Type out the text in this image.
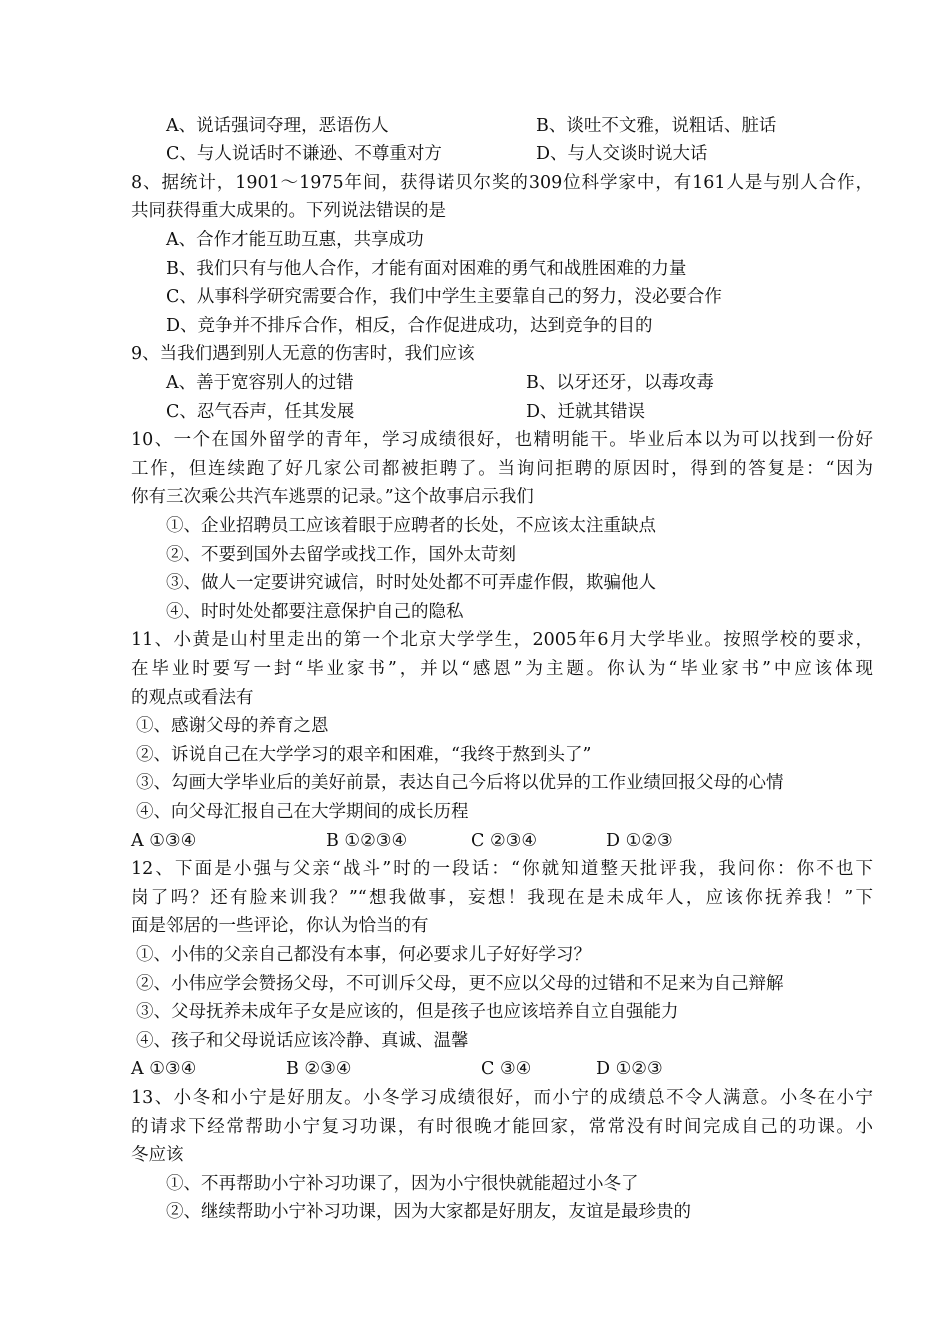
A、说话强词夺理，恶语伤人	B、谈吐不文雅，说粗话、脏话
C、与人说话时不谦逊、不尊重对方	D、与人交谈时说大话
8、据统计，1901～1975年间，获得诺贝尔奖的309位科学家中，有161人是与别人合作，
共同获得重大成果的。下列说法错误的是
A、合作才能互助互惠，共享成功
B、我们只有与他人合作，才能有面对困难的勇气和战胜困难的力量
C、从事科学研究需要合作，我们中学生主要靠自己的努力，没必要合作
D、竞争并不排斥合作，相反，合作促进成功，达到竞争的目的
9、当我们遇到别人无意的伤害时，我们应该
A、善于宽容别人的过错	B、以牙还牙，以毒攻毒
C、忍气吞声，任其发展	D、迁就其错误
10、一个在国外留学的青年，学习成绩很好，也精明能干。毕业后本以为可以找到一份好
工作，但连续跑了好几家公司都被拒聘了。当询问拒聘的原因时，得到的答复是：“因为
你有三次乘公共汽车逃票的记录。”这个故事启示我们
①、企业招聘员工应该着眼于应聘者的长处，不应该太注重缺点
②、不要到国外去留学或找工作，国外太苛刻
③、做人一定要讲究诚信，时时处处都不可弄虚作假，欺骗他人
④、时时处处都要注意保护自己的隐私
11、小黄是山村里走出的第一个北京大学学生，2005年6月大学毕业。按照学校的要求，
在毕业时要写一封“毕业家书”，并以“感恩”为主题。你认为“毕业家书”中应该体现
的观点或看法有
①、感谢父母的养育之恩
②、诉说自己在大学学习的艰辛和困难，“我终于熬到头了”
③、勾画大学毕业后的美好前景，表达自己今后将以优异的工作业绩回报父母的心情
④、向父母汇报自己在大学期间的成长历程
A ①③④	B ①②③④	C ②③④	D ①②③
12、下面是小强与父亲“战斗”时的一段话：“你就知道整天批评我，我问你：你不也下
岗了吗？还有脸来训我？”“想我做事，妄想！我现在是未成年人，应该你抚养我！”下
面是邻居的一些评论，你认为恰当的有
①、小伟的父亲自己都没有本事，何必要求儿子好好学习？
②、小伟应学会赞扬父母，不可训斥父母，更不应以父母的过错和不足来为自己辩解
③、父母抚养未成年子女是应该的，但是孩子也应该培养自立自强能力
④、孩子和父母说话应该冷静、真诚、温馨
A ①③④	B ②③④	C ③④	D ①②③
13、小冬和小宁是好朋友。小冬学习成绩很好，而小宁的成绩总不令人满意。小冬在小宁
的请求下经常帮助小宁复习功课，有时很晚才能回家，常常没有时间完成自己的功课。小
冬应该
①、不再帮助小宁补习功课了，因为小宁很快就能超过小冬了
②、继续帮助小宁补习功课，因为大家都是好朋友，友谊是最珍贵的
